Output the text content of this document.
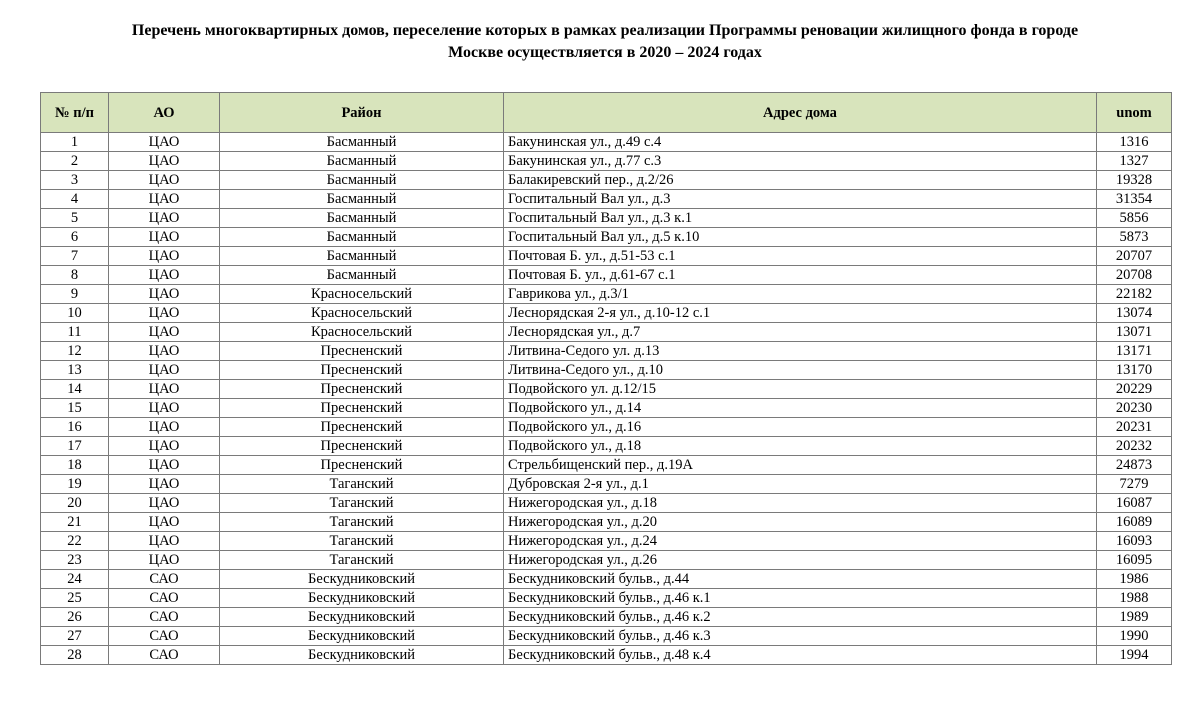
Перечень многоквартирных домов, переселение которых в рамках реализации Программы реновации жилищного фонда в городе
Москве осуществляется в 2020 – 2024 годах
№ п/п	АО	Район	Адрес дома	unom
1	ЦАО	Басманный	Бакунинская ул., д.49 с.4	1316
2	ЦАО	Басманный	Бакунинская ул., д.77 с.3	1327
3	ЦАО	Басманный	Балакиревский пер., д.2/26	19328
4	ЦАО	Басманный	Госпитальный Вал ул., д.3	31354
5	ЦАО	Басманный	Госпитальный Вал ул., д.3 к.1	5856
6	ЦАО	Басманный	Госпитальный Вал ул., д.5 к.10	5873
7	ЦАО	Басманный	Почтовая Б. ул., д.51-53 с.1	20707
8	ЦАО	Басманный	Почтовая Б. ул., д.61-67 с.1	20708
9	ЦАО	Красносельский	Гаврикова ул., д.3/1	22182
10	ЦАО	Красносельский	Леснорядская 2-я ул., д.10-12 с.1	13074
11	ЦАО	Красносельский	Леснорядская ул., д.7	13071
12	ЦАО	Пресненский	Литвина-Седого ул. д.13	13171
13	ЦАО	Пресненский	Литвина-Седого ул., д.10	13170
14	ЦАО	Пресненский	Подвойского ул. д.12/15	20229
15	ЦАО	Пресненский	Подвойского ул., д.14	20230
16	ЦАО	Пресненский	Подвойского ул., д.16	20231
17	ЦАО	Пресненский	Подвойского ул., д.18	20232
18	ЦАО	Пресненский	Стрельбищенский пер., д.19А	24873
19	ЦАО	Таганский	Дубровская 2-я ул., д.1	7279
20	ЦАО	Таганский	Нижегородская ул., д.18	16087
21	ЦАО	Таганский	Нижегородская ул., д.20	16089
22	ЦАО	Таганский	Нижегородская ул., д.24	16093
23	ЦАО	Таганский	Нижегородская ул., д.26	16095
24	САО	Бескудниковский	Бескудниковский бульв., д.44	1986
25	САО	Бескудниковский	Бескудниковский бульв., д.46 к.1	1988
26	САО	Бескудниковский	Бескудниковский бульв., д.46 к.2	1989
27	САО	Бескудниковский	Бескудниковский бульв., д.46 к.3	1990
28	САО	Бескудниковский	Бескудниковский бульв., д.48 к.4	1994
